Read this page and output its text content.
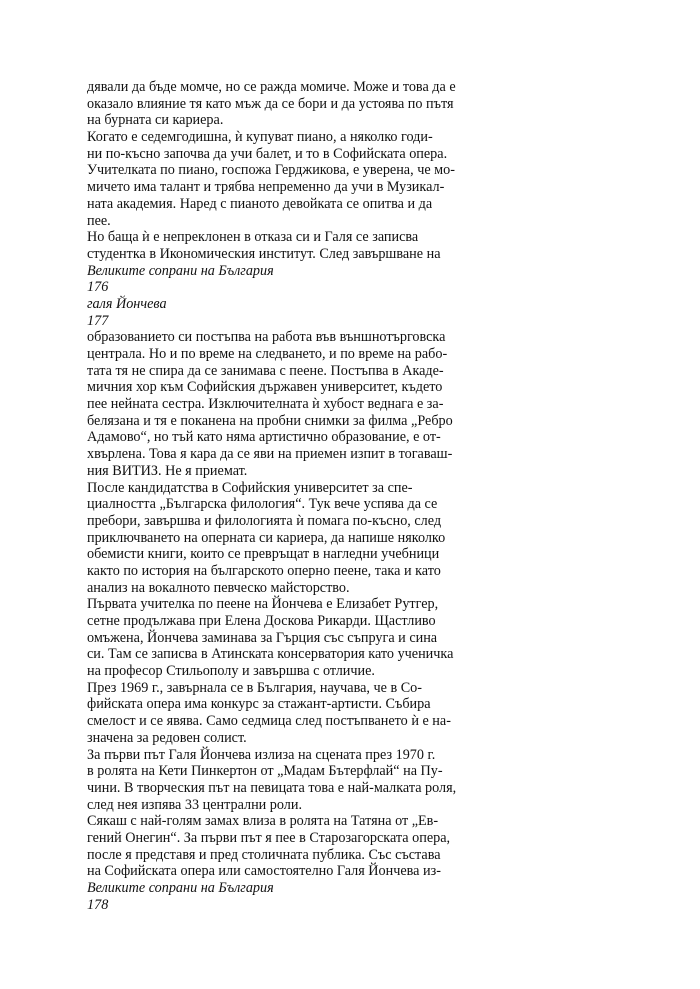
дявали да бъде момче, но се ражда момиче. Може и това да е
оказало влияние тя като мъж да се бори и да устоява по пътя
на бурната си кариера.
Когато е седемгодишна, ѝ купуват пиано, а няколко годи-
ни по-късно започва да учи балет, и то в Софийската опера.
Учителката по пиано, госпожа Герджикова, е уверена, че мо-
мичето има талант и трябва непременно да учи в Музикал-
ната академия. Наред с пианото девойката се опитва и да
пее.
Но баща ѝ е непреклонен в отказа си и Галя се записва
студентка в Икономическия институт. След завършване на
Великите сопрани на България
176
галя Йончева
177
образованието си постъпва на работа във външнотърговска
централа. Но и по време на следването, и по време на рабо-
тата тя не спира да се занимава с пеене. Постъпва в Акаде-
мичния хор към Софийския държавен университет, където
пее нейната сестра. Изключителната ѝ хубост веднага е за-
белязана и тя е поканена на пробни снимки за филма „Ребро
Адамово“, но тъй като няма артистично образование, е от-
хвърлена. Това я кара да се яви на приемен изпит в тогаваш-
ния ВИТИЗ. Не я приемат.
После кандидатства в Софийския университет за спе-
циалността „Българска филология“. Тук вече успява да се
пребори, завършва и филологията ѝ помага по-късно, след
приключването на оперната си кариера, да напише няколко
обемисти книги, които се превръщат в нагледни учебници
както по история на българското оперно пеене, така и като
анализ на вокалното певческо майсторство.
Първата учителка по пеене на Йончева е Елизабет Рутгер,
сетне продължава при Елена Доскова Рикарди. Щастливо
омъжена, Йончева заминава за Гърция със съпруга и сина
си. Там се записва в Атинската консерватория като ученичка
на професор Стильополу и завършва с отличие.
През 1969 г., завърнала се в България, научава, че в Со-
фийската опера има конкурс за стажант-артисти. Събира
смелост и се явява. Само седмица след постъпването ѝ е на-
значена за редовен солист.
За първи път Галя Йончева излиза на сцената през 1970 г.
в ролята на Кети Пинкертон от „Мадам Бътерфлай“ на Пу-
чини. В творческия път на певицата това е най-малката роля,
след нея изпява 33 централни роли.
Сякаш с най-голям замах влиза в ролята на Татяна от „Ев-
гений Онегин“. За първи път я пее в Старозагорската опера,
после я представя и пред столичната публика. Със състава
на Софийската опера или самостоятелно Галя Йончева из-
Великите сопрани на България
178
